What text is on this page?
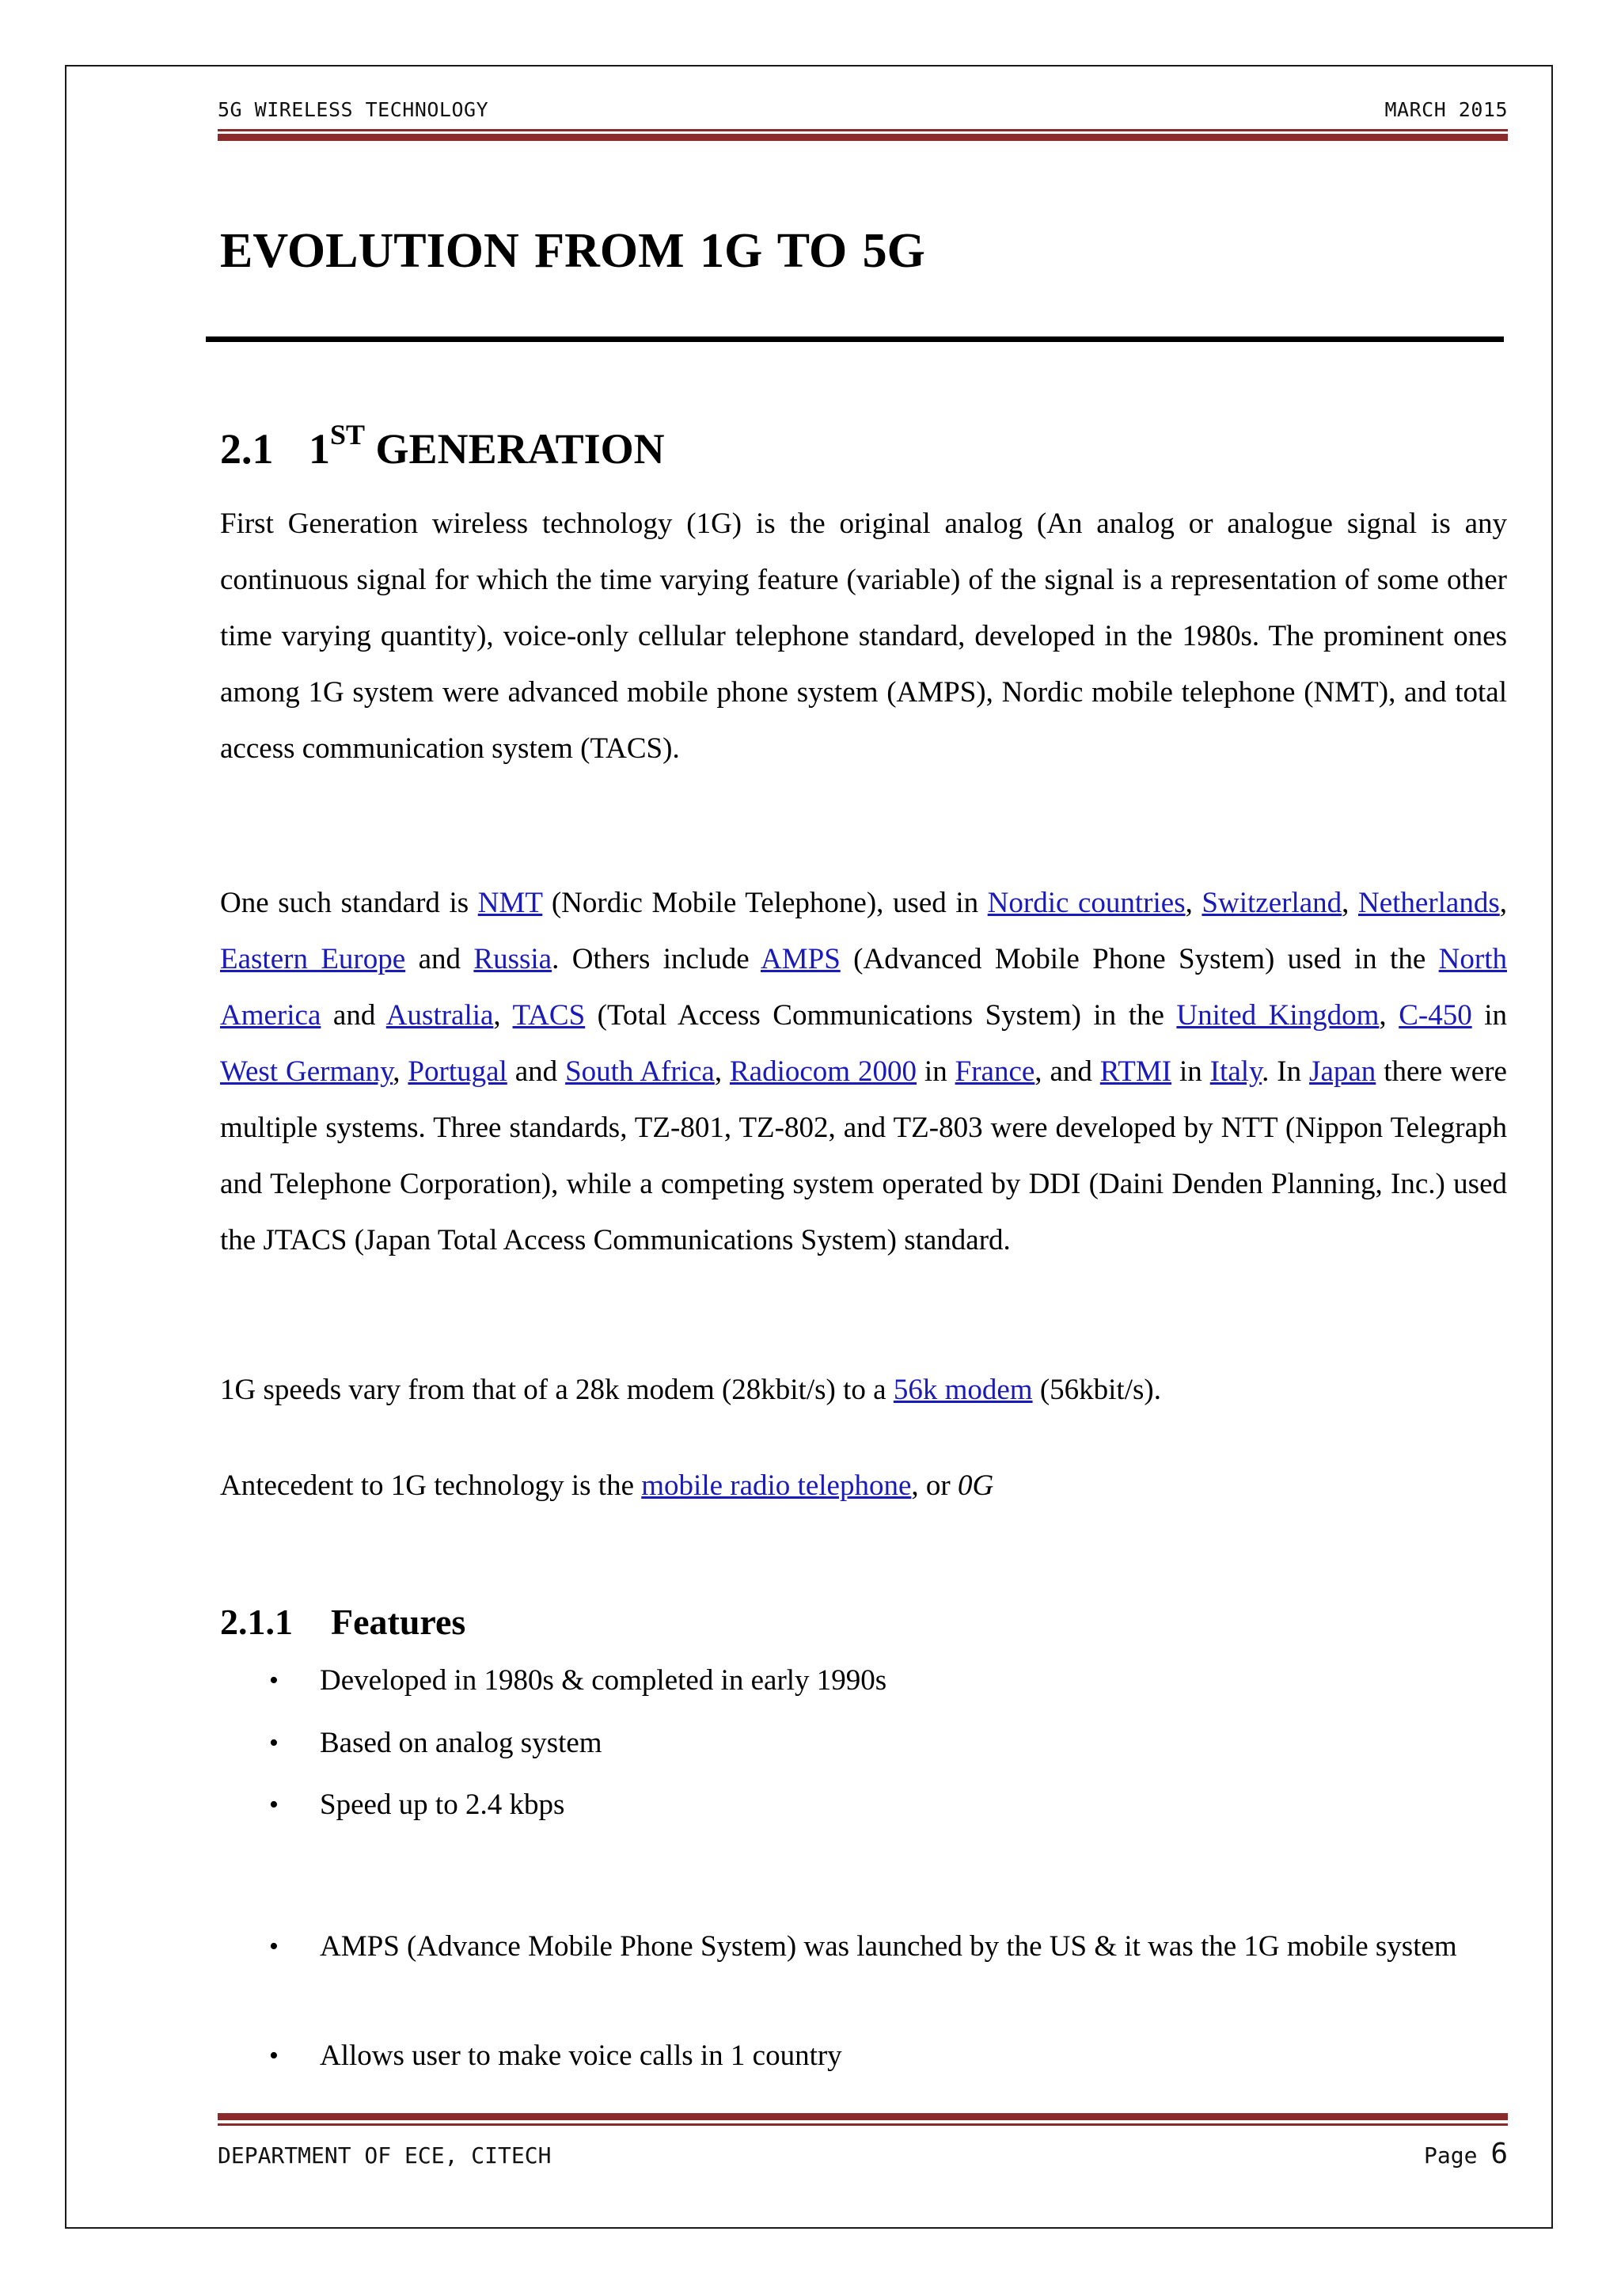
5G WIRELESS TECHNOLOGY	MARCH 2015
EVOLUTION FROM 1G TO 5G
2.1 1ST GENERATION

First Generation wireless technology (1G) is the original analog (An analog or analogue signal is any continuous signal for which the time varying feature (variable) of the signal is a representation of some other time varying quantity), voice-only cellular telephone standard, developed in the 1980s. The prominent ones among 1G system were advanced mobile phone system (AMPS), Nordic mobile telephone (NMT), and total access communication system (TACS).

One such standard is NMT (Nordic Mobile Telephone), used in Nordic countries, Switzerland, Netherlands, Eastern Europe and Russia. Others include AMPS (Advanced Mobile Phone System) used in the North America and Australia, TACS (Total Access Communications System) in the United Kingdom, C-450 in West Germany, Portugal and South Africa, Radiocom 2000 in France, and RTMI in Italy. In Japan there were multiple systems. Three standards, TZ-801, TZ-802, and TZ-803 were developed by NTT (Nippon Telegraph and Telephone Corporation), while a competing system operated by DDI (Daini Denden Planning, Inc.) used the JTACS (Japan Total Access Communications System) standard.

1G speeds vary from that of a 28k modem (28kbit/s) to a 56k modem (56kbit/s).

Antecedent to 1G technology is the mobile radio telephone, or 0G

2.1.1 Features
• Developed in 1980s & completed in early 1990s
• Based on analog system
• Speed up to 2.4 kbps
• AMPS (Advance Mobile Phone System) was launched by the US & it was the 1G mobile system
• Allows user to make voice calls in 1 country
DEPARTMENT OF ECE, CITECH	Page 6
